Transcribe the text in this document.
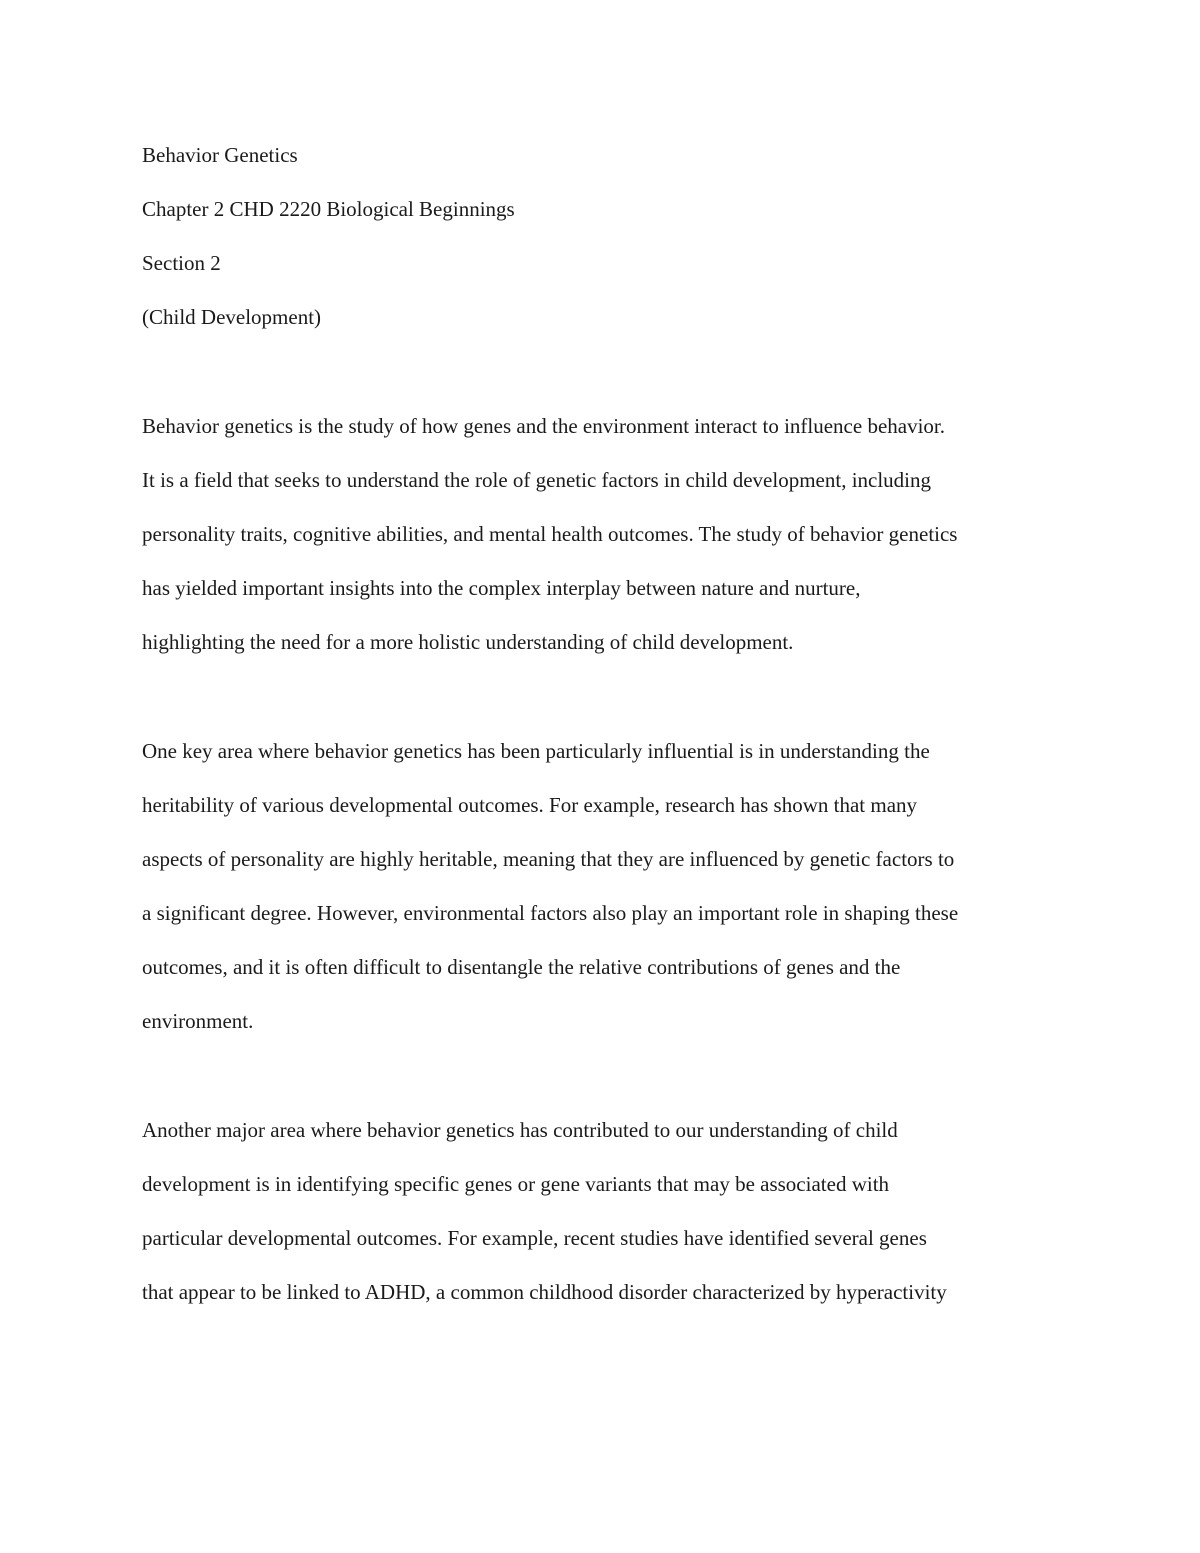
Behavior Genetics
Chapter 2 CHD 2220 Biological Beginnings
Section 2
(Child Development)
Behavior genetics is the study of how genes and the environment interact to influence behavior.
It is a field that seeks to understand the role of genetic factors in child development, including
personality traits, cognitive abilities, and mental health outcomes. The study of behavior genetics
has yielded important insights into the complex interplay between nature and nurture,
highlighting the need for a more holistic understanding of child development.
One key area where behavior genetics has been particularly influential is in understanding the
heritability of various developmental outcomes. For example, research has shown that many
aspects of personality are highly heritable, meaning that they are influenced by genetic factors to
a significant degree. However, environmental factors also play an important role in shaping these
outcomes, and it is often difficult to disentangle the relative contributions of genes and the
environment.
Another major area where behavior genetics has contributed to our understanding of child
development is in identifying specific genes or gene variants that may be associated with
particular developmental outcomes. For example, recent studies have identified several genes
that appear to be linked to ADHD, a common childhood disorder characterized by hyperactivity
